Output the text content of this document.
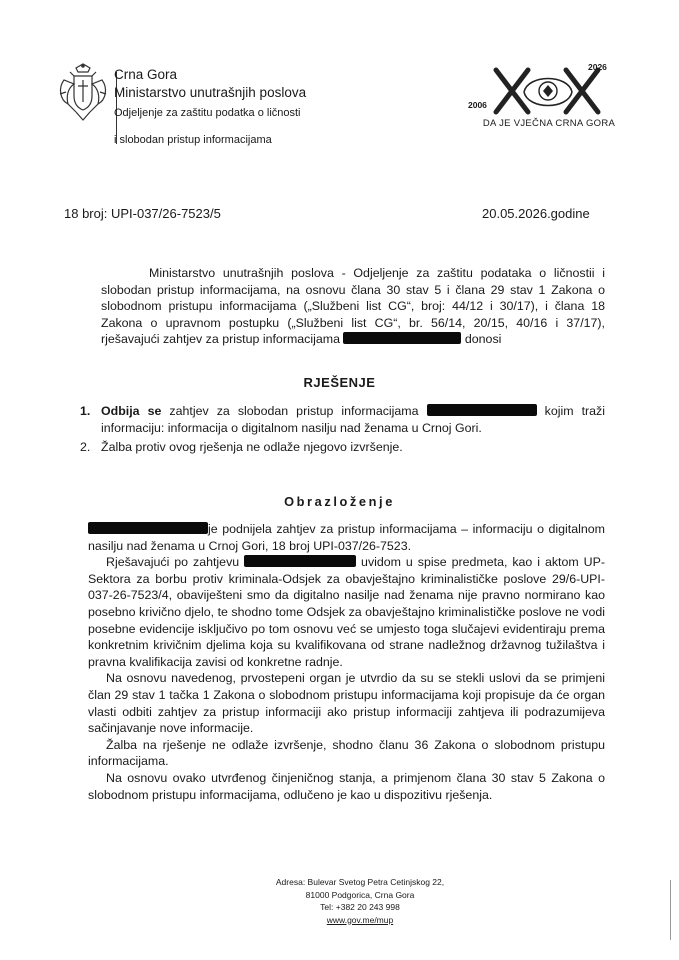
Crna Gora
Ministarstvo unutrašnjih poslova
Odjeljenje za zaštitu podatka o ličnosti
i slobodan pristup informacijama
2006
2026
DA JE VJEČNA CRNA GORA
18 broj: UPI-037/26-7523/5	20.05.2026.godine
Ministarstvo unutrašnjih poslova - Odjeljenje za zaštitu podataka o ličnostii i slobodan pristup informacijama, na osnovu člana 30 stav 5 i člana 29 stav 1 Zakona o slobodnom pristupu informacijama („Službeni list CG“, broj: 44/12 i 30/17), i člana 18 Zakona o upravnom postupku („Službeni list CG“, br. 56/14, 20/15, 40/16 i 37/17), rješavajući zahtjev za pristup informacijama	donosi
RJEŠENJE
1. Odbija se zahtjev za slobodan pristup informacijama	kojim traži informaciju: informacija o digitalnom nasilju nad ženama u Crnoj Gori.
2. Žalba protiv ovog rješenja ne odlaže njegovo izvršenje.
Obrazloženje

je podnijela zahtjev za pristup informacijama – informaciju o digitalnom nasilju nad ženama u Crnoj Gori, 18 broj UPI-037/26-7523.

Rješavajući po zahtjevu	uvidom u spise predmeta, kao i aktom UP-Sektora za borbu protiv kriminala-Odsjek za obavještajno kriminalističke poslove 29/6-UPI-037-26-7523/4, obaviješteni smo da digitalno nasilje nad ženama nije pravno normirano kao posebno krivično djelo, te shodno tome Odsjek za obavještajno kriminalističke poslove ne vodi posebne evidencije isključivo po tom osnovu već se umjesto toga slučajevi evidentiraju prema konkretnim krivičnim djelima koja su kvalifikovana od strane nadležnog državnog tužilaštva i pravna kvalifikacija zavisi od konkretne radnje.

Na osnovu navedenog, prvostepeni organ je utvrdio da su se stekli uslovi da se primjeni član 29 stav 1 tačka 1 Zakona o slobodnom pristupu informacijama koji propisuje da će organ vlasti odbiti zahtjev za pristup informaciji ako pristup informaciji zahtjeva ili podrazumijeva sačinjavanje nove informacije.

Žalba na rješenje ne odlaže izvršenje, shodno članu 36 Zakona o slobodnom pristupu informacijama.

Na osnovu ovako utvrđenog činjeničnog stanja, a primjenom člana 30 stav 5 Zakona o slobodnom pristupu informacijama, odlučeno je kao u dispozitivu rješenja.

Adresa: Bulevar Svetog Petra Cetinjskog 22,
81000 Podgorica, Crna Gora
Tel: +382 20 243 998
www.gov.me/mup
